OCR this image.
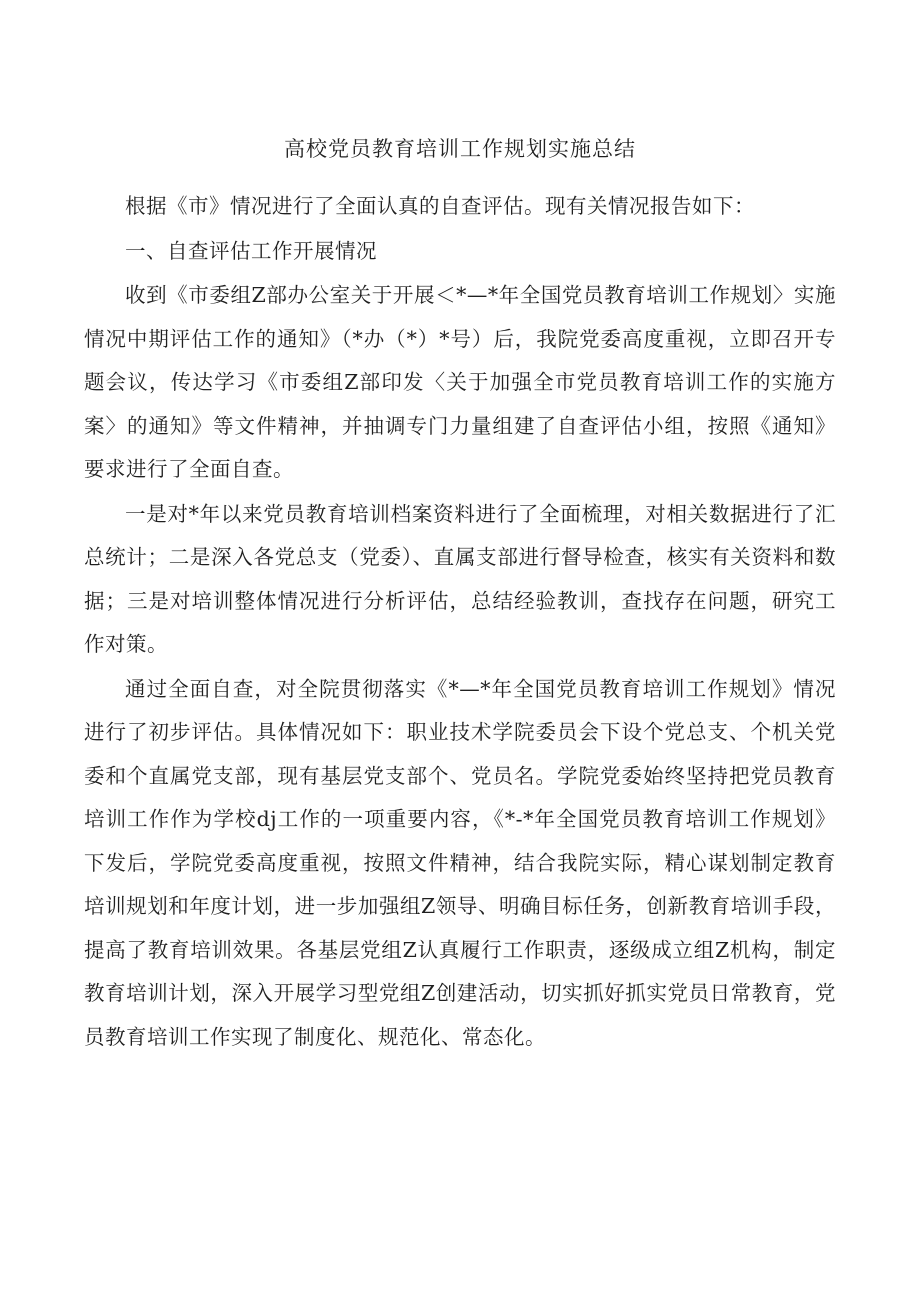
高校党员教育培训工作规划实施总结

根据《市》情况进行了全面认真的自查评估。现有关情况报告如下：

一、自查评估工作开展情况

收到《市委组Z部办公室关于开展＜*—*年全国党员教育培训工作规划〉实施情况中期评估工作的通知》（*办（*）*号）后，我院党委高度重视，立即召开专题会议，传达学习《市委组Z部印发〈关于加强全市党员教育培训工作的实施方案〉的通知》等文件精神，并抽调专门力量组建了自查评估小组，按照《通知》要求进行了全面自查。

一是对*年以来党员教育培训档案资料进行了全面梳理，对相关数据进行了汇总统计；二是深入各党总支（党委）、直属支部进行督导检查，核实有关资料和数据；三是对培训整体情况进行分析评估，总结经验教训，查找存在问题，研究工作对策。

通过全面自查，对全院贯彻落实《*—*年全国党员教育培训工作规划》情况进行了初步评估。具体情况如下：职业技术学院委员会下设个党总支、个机关党委和个直属党支部，现有基层党支部个、党员名。学院党委始终坚持把党员教育培训工作作为学校dj工作的一项重要内容，《*-*年全国党员教育培训工作规划》下发后，学院党委高度重视，按照文件精神，结合我院实际，精心谋划制定教育培训规划和年度计划，进一步加强组Z领导、明确目标任务，创新教育培训手段，提高了教育培训效果。各基层党组Z认真履行工作职责，逐级成立组Z机构，制定教育培训计划，深入开展学习型党组Z创建活动，切实抓好抓实党员日常教育，党员教育培训工作实现了制度化、规范化、常态化。
